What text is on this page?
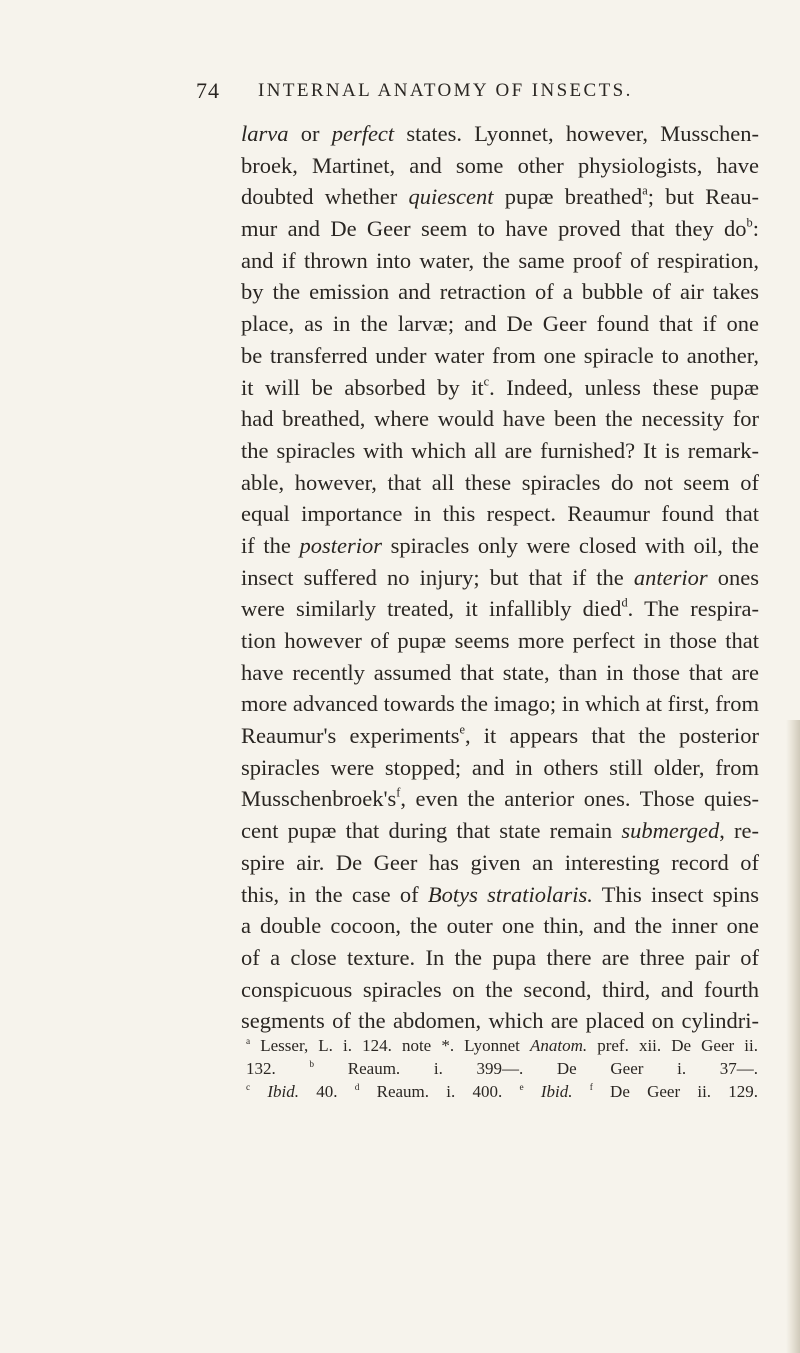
74 INTERNAL ANATOMY OF INSECTS.
larva or perfect states. Lyonnet, however, Musschen-
broek, Martinet, and some other physiologists, have
doubted whether quiescent pupæ breathed$^a$; but Reau-
mur and De Geer seem to have proved that they $do^b$:
and if thrown into water, the same proof of respiration,
by the emission and retraction of a bubble of air takes
place, as in the larvæ; and De Geer found that if one
be transferred under water from one spiracle to another,
it will be absorbed by $it^c$. Indeed, unless these pupæ
had breathed, where would have been the necessity for
the spiracles with which all are furnished? It is remark-
able, however, that all these spiracles do not seem of
equal importance in this respect. Reaumur found that
if the posterior spiracles only were closed with oil, the
insect suffered no injury; but that if the anterior ones
were similarly treated, it infallibly died$^d$. The respira-
tion however of pupæ seems more perfect in those that
have recently assumed that state, than in those that are
more advanced towards the imago; in which at first, from
Reaumur's experiments$^e$, it appears that the posterior
spiracles were stopped; and in others still older, from
$Musschenbroek's^f$, even the anterior ones. Those quies-
cent pupæ that during that state remain submerged, re-
spire air. De Geer has given an interesting record of
this, in the case of Botys stratiolaris. This insect spins
a double cocoon, the outer one thin, and the inner one
of a close texture. In the pupa there are three pair of
conspicuous spiracles on the second, third, and fourth
segments of the abdomen, which are placed on cylindri-
$^a$ Lesser, L. i. 124. note *. Lyonnet Anatom. pref. xii. De Geer ii.
132. $^b$ Reaum. i. 399—. De Geer i. 37—.
$^c$ Ibid. 40. $^d$ Reaum. i. 400. $^e$ Ibid. $^f$ De Geer ii. 129.
